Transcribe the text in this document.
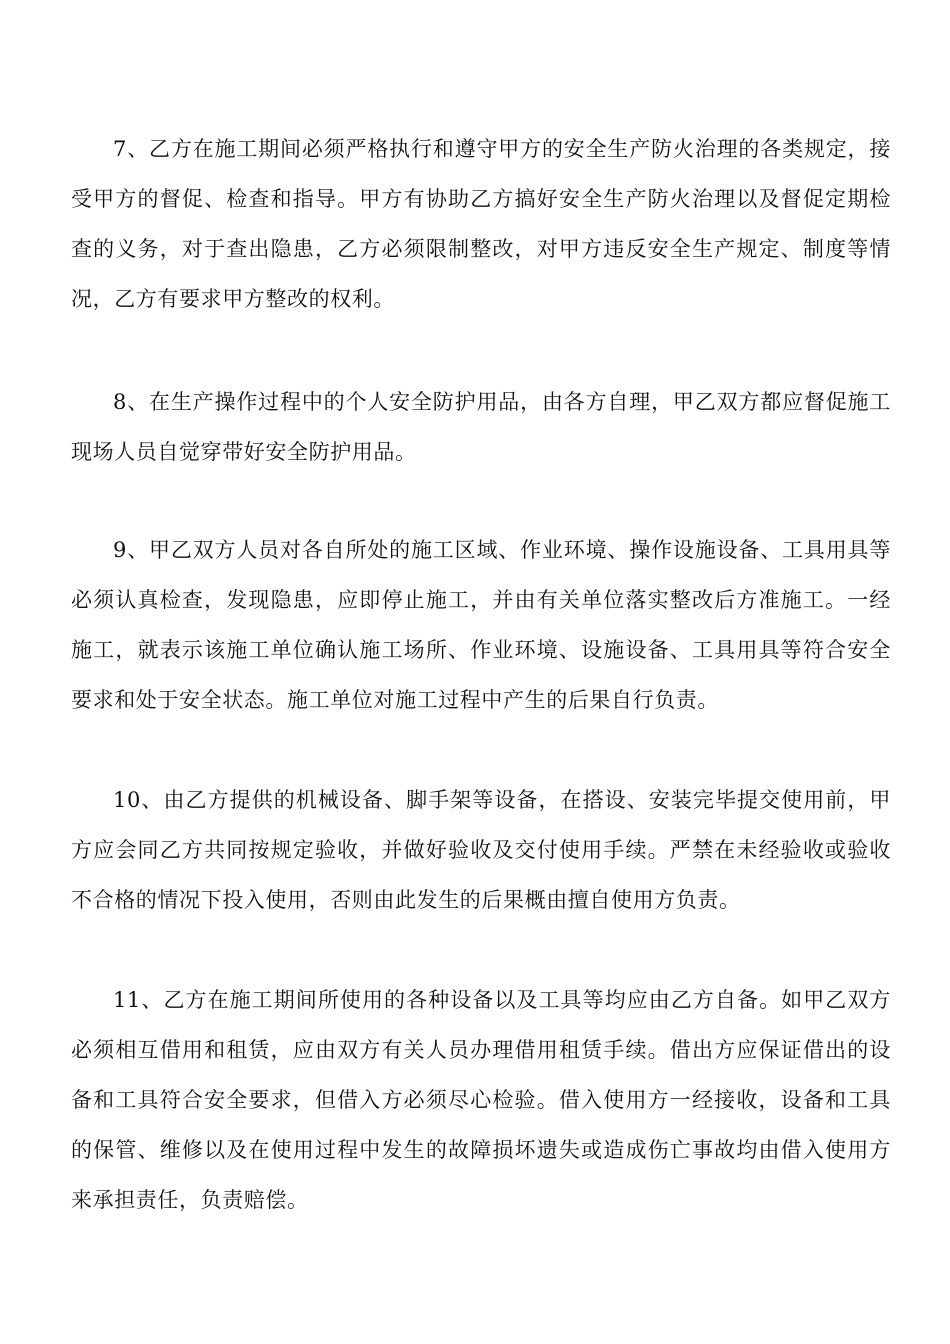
7、乙方在施工期间必须严格执行和遵守甲方的安全生产防火治理的各类规定，接受甲方的督促、检查和指导。甲方有协助乙方搞好安全生产防火治理以及督促定期检查的义务，对于查出隐患，乙方必须限制整改，对甲方违反安全生产规定、制度等情况，乙方有要求甲方整改的权利。

8、在生产操作过程中的个人安全防护用品，由各方自理，甲乙双方都应督促施工现场人员自觉穿带好安全防护用品。

9、甲乙双方人员对各自所处的施工区域、作业环境、操作设施设备、工具用具等必须认真检查，发现隐患，应即停止施工，并由有关单位落实整改后方准施工。一经施工，就表示该施工单位确认施工场所、作业环境、设施设备、工具用具等符合安全要求和处于安全状态。施工单位对施工过程中产生的后果自行负责。

10、由乙方提供的机械设备、脚手架等设备，在搭设、安装完毕提交使用前，甲方应会同乙方共同按规定验收，并做好验收及交付使用手续。严禁在未经验收或验收不合格的情况下投入使用，否则由此发生的后果概由擅自使用方负责。

11、乙方在施工期间所使用的各种设备以及工具等均应由乙方自备。如甲乙双方必须相互借用和租赁，应由双方有关人员办理借用租赁手续。借出方应保证借出的设备和工具符合安全要求，但借入方必须尽心检验。借入使用方一经接收，设备和工具的保管、维修以及在使用过程中发生的故障损坏遗失或造成伤亡事故均由借入使用方来承担责任，负责赔偿。
